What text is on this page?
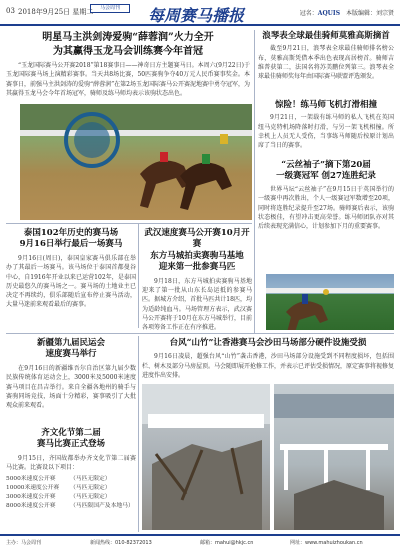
03 2018年9月25日 星期二	马会周刊	每周赛马播报	冠名：AQUIS 本版编辑：刘宗贤
明星马主洪剑涛爱驹“薛蓉润”火力全开
为其赢得玉龙马会训练赛今年首冠

“玉龙国际赛马公开赛2018”第18赛事日——神奇日方主题赛马日。本周六(9月22日)于玉龙国际赛马场上演精彩赛事。当天共8场比赛，50匹赛驹争夺40万元人民币赛事奖金。本赛事日，前强马主洪剑涛的爱驹“薛蓉润”在第2场玉龙国际赛马公开赛泥地赛中勇夺冠军，为其赢得玉龙马会今年首场冠军，骑师及练马师均表示该驹状态出色。

泰国102年历史的赛马场
9月16日举行最后一场赛马

9月16日(周日)，泰国皇家赛马俱乐部在举办了其最后一场赛马。该马场位于泰国首都曼谷中心，自1916年开业以来已运营102年，是泰国历史最悠久的赛马场之一。赛马场的土地业主已决定不再续约，俱乐部随后宣布停止赛马活动，大量马迷前来观看最后的赛事。

武汉速度赛马公开赛10月开赛
东方马城拍卖赛驹马基地
迎来第一批参赛马匹

9月18日，东方马城拍卖赛驹马基地迎来了第一批从山东长岛运抵的参赛马匹。据城方介绍，首批马匹共计18匹，均为适龄纯血马。马场管理方表示，武汉赛马公开赛将于10月在东方马城举行，目前各项筹备工作正在有序推进。

浪琴表全球最佳骑师莫雅高斯摘首

截至9月21日，浪琴表全球最佳骑师排名榜公布，莫雅高斯凭借本季出色表现高居榜首。骑师吉维普获第二，法国名将苏美鹏位列第三。浪琴表全球最佳骑师奖每年由国际赛马联盟评选颁发。

惊险！练马师飞机打滑相撞

9月21日，一架载有练马师的私人飞机在英国纽马克特机场降落时打滑，与另一架飞机相撞。所幸机上人员无人受伤，当事练马师随后按原计划出席了当日的赛事。

“云丝袖子”摘下第20届
一级赛冠军 创27连胜纪录

世界马坛“云丝袖子”在9月15日于英国举行的一级赛中再次胜出，个人一级赛冠军数增至20项，同时将连胜纪录提升至27场。骑师赛后表示，该驹状态极佳，有望冲击更高荣誉。练马师团队亦对其后续表现充满信心，计划参加下月的重要赛事。

台风“山竹”让香港赛马会沙田马场部分硬件设施受损

9月16日凌晨，超强台风“山竹”袭击香港，沙田马场部分设施受到不同程度损坏，包括围栏、树木及部分马房屋顶。马会随即展开抢修工作，并表示已评估受损情况，原定赛事将视修复进度作出安排。

新疆第九届民运会
速度赛马举行

在9月16日的新疆维吾尔自治区第九届少数民族传统体育运动会上，3000米及5000米速度赛马项目在昌吉举行。来自全疆各地州的骑手与赛驹同场竞技，场面十分精彩，赛事吸引了大批观众前来观看。

齐文化节第二届
赛马比赛正式登场

9月15日，齐国故都举办齐文化节第二届赛马比赛。比赛设以下项目：

5000米速度公开赛 （马匹无限定）
10000米速度公开赛 （马匹无限定）
3000米速度公开赛 （马匹无限定）
8000米速度公开赛 （马匹限国产及本地马）
主办：马会周刊	新闻热线：010-82372013	邮箱：mahui@hkjc.cn	网址：www.mahuizhoukan.cn
